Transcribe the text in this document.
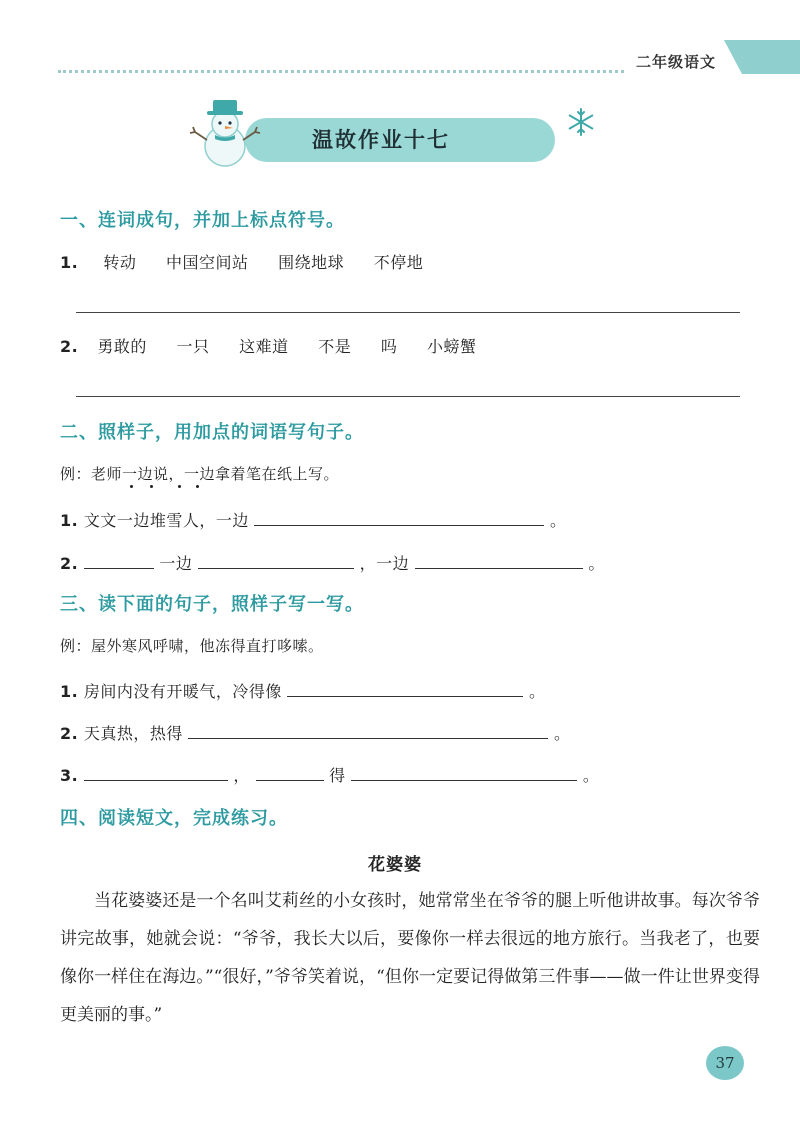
二年级语文
温故作业十七
一、连词成句，并加上标点符号。
1. 转动 中国空间站 围绕地球 不停地
2. 勇敢的 一只 这难道 不是 吗 小螃蟹
二、照样子，用加点的词语写句子。
例：老师一边说，一边拿着笔在纸上写。
1. 文文一边堆雪人，一边	。
2.	一边	，一边	。
三、读下面的句子，照样子写一写。
例：屋外寒风呼啸，他冻得直打哆嗦。
1. 房间内没有开暖气，冷得像	。
2. 天真热，热得	。
3.	，	得	。
四、阅读短文，完成练习。
花婆婆
当花婆婆还是一个名叫艾莉丝的小女孩时，她常常坐在爷爷的腿上听他讲故事。每次爷爷讲完故事，她就会说：“爷爷，我长大以后，要像你一样去很远的地方旅行。当我老了，也要像你一样住在海边。”“很好，”爷爷笑着说，“但你一定要记得做第三件事——做一件让世界变得更美丽的事。”
37
